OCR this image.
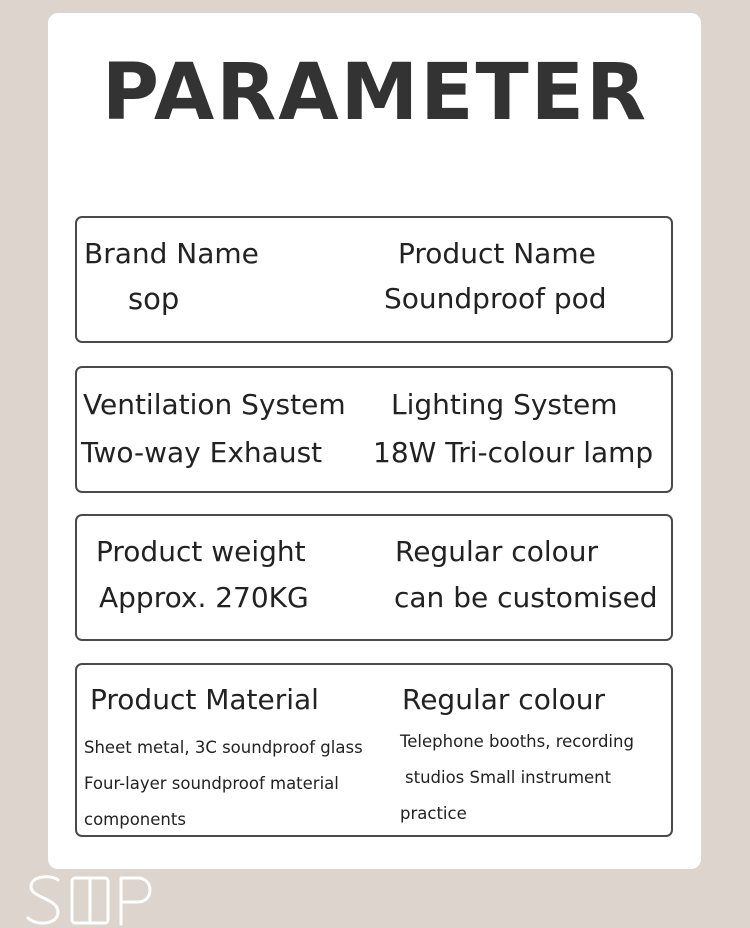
PARAMETER
Brand Name
sop
Product Name
Soundproof pod
Ventilation System
Two-way Exhaust
Lighting System
18W Tri-colour lamp
Product weight
Approx. 270KG
Regular colour
can be customised
Product Material
Sheet metal, 3C soundproof glass
Four-layer soundproof material
components
Regular colour
Telephone booths, recording
studios Small instrument
practice
